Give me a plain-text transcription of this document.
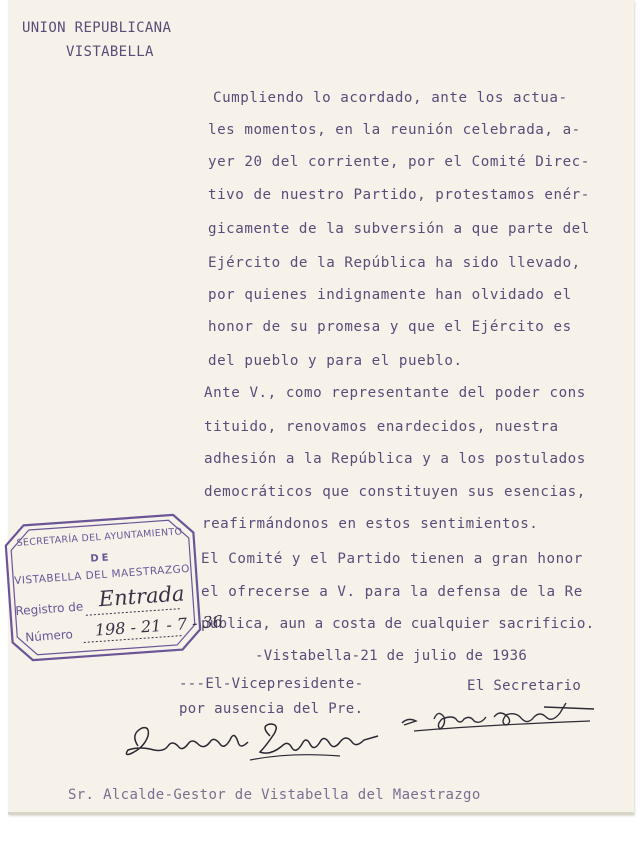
UNION REPUBLICANA
VISTABELLA
Cumpliendo lo acordado, ante los actua-
les momentos, en la reunión celebrada, a-
yer 20 del corriente, por el Comité Direc-
tivo de nuestro Partido, protestamos enér-
gicamente de la subversión a que parte del
Ejército de la República ha sido llevado,
por quienes indignamente han olvidado el
honor de su promesa y que el Ejército es
del pueblo y para el pueblo.
Ante V., como representante del poder cons
tituido, renovamos enardecidos, nuestra
adhesión a la República y a los postulados
democráticos que constituyen sus esencias,
reafirmándonos en estos sentimientos.
El Comité y el Partido tienen a gran honor
el ofrecerse a V. para la defensa de la Re
pública, aun a costa de cualquier sacrificio.
-Vistabella-21 de julio de 1936
---El-Vicepresidente-
por ausencia del Pre.
El Secretario
Sr. Alcalde-Gestor de Vistabella del Maestrazgo
SECRETARÍA DEL AYUNTAMIENTO
DE
VISTABELLA DEL MAESTRAZGO
Registro de Entrada
Número 198 - 21 - 7 - 36
